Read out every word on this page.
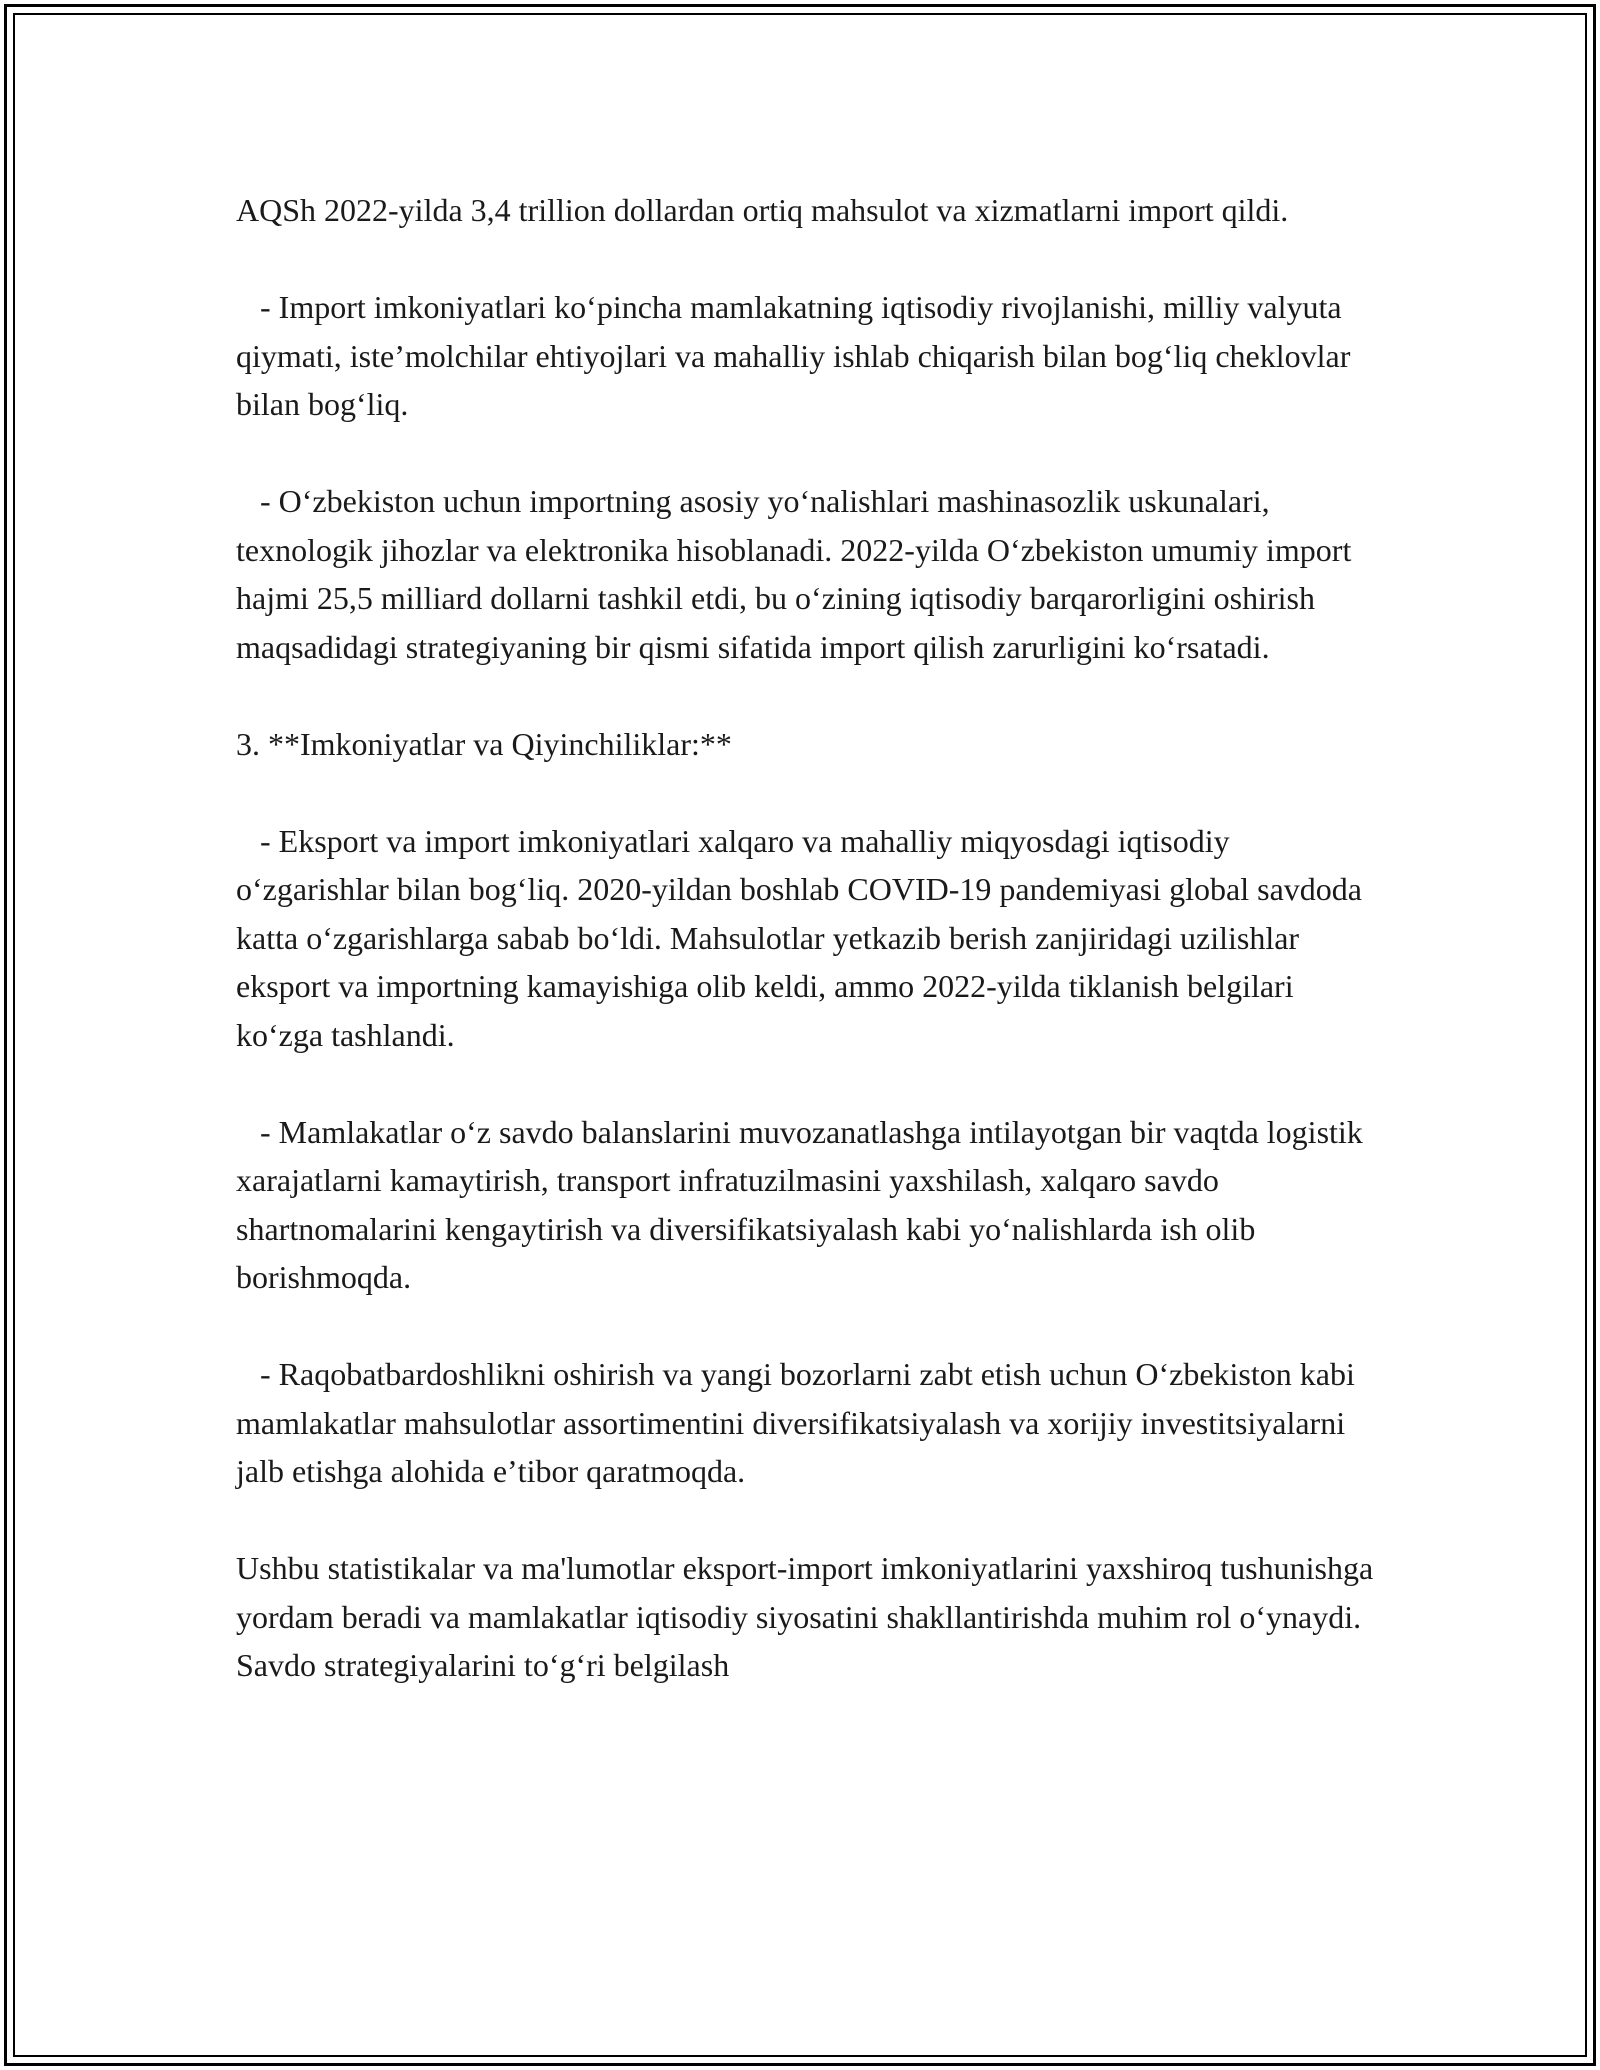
AQSh 2022-yilda 3,4 trillion dollardan ortiq mahsulot va xizmatlarni import qildi.

- Import imkoniyatlari koʻpincha mamlakatning iqtisodiy rivojlanishi, milliy valyuta qiymati, isteʼmolchilar ehtiyojlari va mahalliy ishlab chiqarish bilan bogʻliq cheklovlar bilan bogʻliq.

- Oʻzbekiston uchun importning asosiy yoʻnalishlari mashinasozlik uskunalari, texnologik jihozlar va elektronika hisoblanadi. 2022-yilda Oʻzbekiston umumiy import hajmi 25,5 milliard dollarni tashkil etdi, bu oʻzining iqtisodiy barqarorligini oshirish maqsadidagi strategiyaning bir qismi sifatida import qilish zarurligini koʻrsatadi.

3. **Imkoniyatlar va Qiyinchiliklar:**

- Eksport va import imkoniyatlari xalqaro va mahalliy miqyosdagi iqtisodiy oʻzgarishlar bilan bogʻliq. 2020-yildan boshlab COVID-19 pandemiyasi global savdoda katta oʻzgarishlarga sabab boʻldi. Mahsulotlar yetkazib berish zanjiridagi uzilishlar eksport va importning kamayishiga olib keldi, ammo 2022-yilda tiklanish belgilari koʻzga tashlandi.

- Mamlakatlar oʻz savdo balanslarini muvozanatlashga intilayotgan bir vaqtda logistik xarajatlarni kamaytirish, transport infratuzilmasini yaxshilash, xalqaro savdo shartnomalarini kengaytirish va diversifikatsiyalash kabi yoʻnalishlarda ish olib borishmoqda.

- Raqobatbardoshlikni oshirish va yangi bozorlarni zabt etish uchun Oʻzbekiston kabi mamlakatlar mahsulotlar assortimentini diversifikatsiyalash va xorijiy investitsiyalarni jalb etishga alohida eʼtibor qaratmoqda.

Ushbu statistikalar va ma'lumotlar eksport-import imkoniyatlarini yaxshiroq tushunishga yordam beradi va mamlakatlar iqtisodiy siyosatini shakllantirishda muhim rol oʻynaydi. Savdo strategiyalarini toʻgʻri belgilash
